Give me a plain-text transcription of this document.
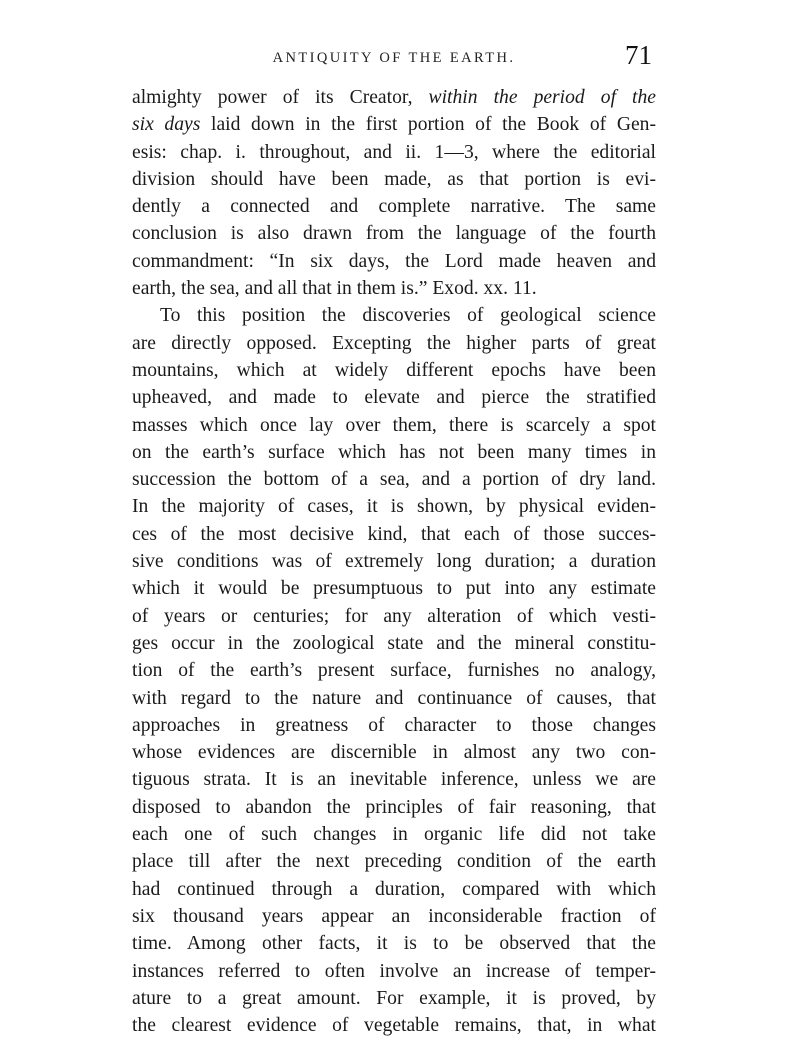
ANTIQUITY OF THE EARTH.	71
almighty power of its Creator, within the period of the
six days laid down in the first portion of the Book of Gen-
esis: chap. i. throughout, and ii. 1—3, where the editorial
division should have been made, as that portion is evi-
dently a connected and complete narrative. The same
conclusion is also drawn from the language of the fourth
commandment: “In six days, the Lord made heaven and
earth, the sea, and all that in them is.” Exod. xx. 11.
To this position the discoveries of geological science
are directly opposed. Excepting the higher parts of great
mountains, which at widely different epochs have been
upheaved, and made to elevate and pierce the stratified
masses which once lay over them, there is scarcely a spot
on the earth’s surface which has not been many times in
succession the bottom of a sea, and a portion of dry land.
In the majority of cases, it is shown, by physical eviden-
ces of the most decisive kind, that each of those succes-
sive conditions was of extremely long duration; a duration
which it would be presumptuous to put into any estimate
of years or centuries; for any alteration of which vesti-
ges occur in the zoological state and the mineral constitu-
tion of the earth’s present surface, furnishes no analogy,
with regard to the nature and continuance of causes, that
approaches in greatness of character to those changes
whose evidences are discernible in almost any two con-
tiguous strata. It is an inevitable inference, unless we are
disposed to abandon the principles of fair reasoning, that
each one of such changes in organic life did not take
place till after the next preceding condition of the earth
had continued through a duration, compared with which
six thousand years appear an inconsiderable fraction of
time. Among other facts, it is to be observed that the
instances referred to often involve an increase of temper-
ature to a great amount. For example, it is proved, by
the clearest evidence of vegetable remains, that, in what
